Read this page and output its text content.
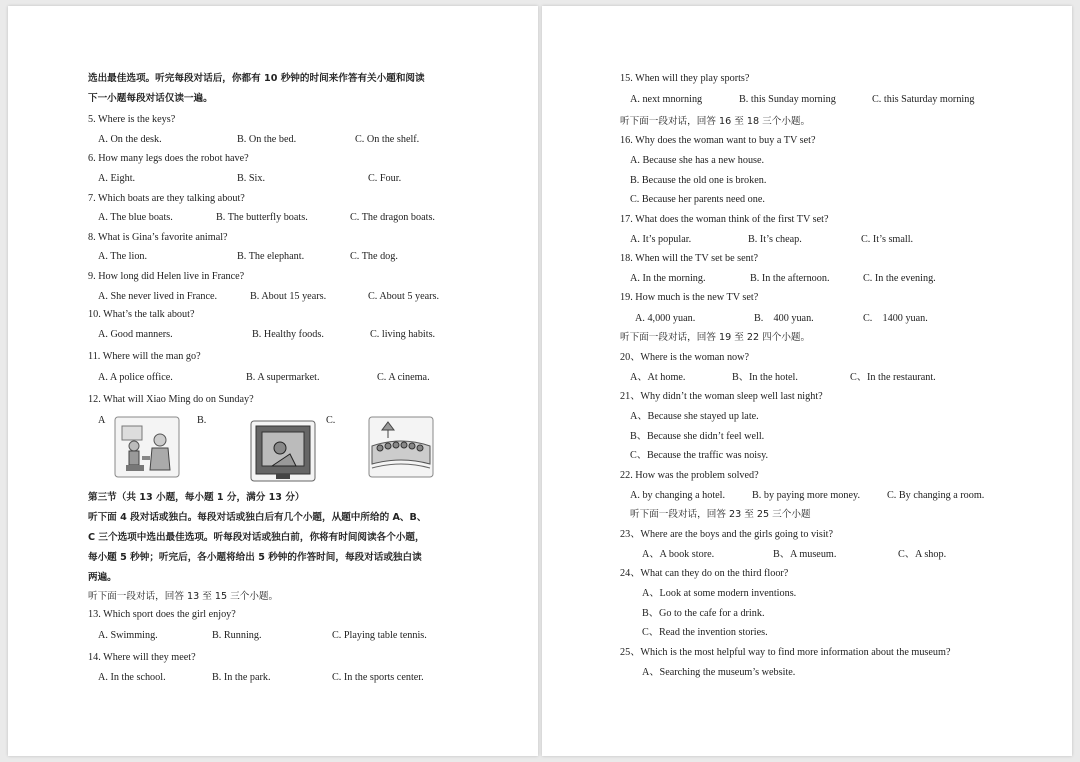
选出最佳选项。听完每段对话后，你都有 10 秒钟的时间来作答有关小题和阅读
下一小题每段对话仅读一遍。
5. Where is the keys?
A. On the desk.	B. On the bed.	C. On the shelf.
6. How many legs does the robot have?
A. Eight.	B. Six.	C. Four.
7. Which boats are they talking about?
A. The blue boats.	B. The butterfly boats.	C. The dragon boats.
8. What is Gina’s favorite animal?
A. The lion.	B. The elephant.	C. The dog.
9. How long did Helen live in France?
A. She never lived in France.	B. About 15 years.	C. About 5 years.
10. What’s the talk about?
A. Good manners.	B. Healthy foods.	C. living habits.
11. Where will the man go?
A. A police office.	B. A supermarket.	C. A cinema.
12. What will Xiao Ming do on Sunday?
A	B.	C.
第三节（共 13 小题，每小题 1 分，满分 13 分）
听下面 4 段对话或独白。每段对话或独白后有几个小题，从题中所给的 A、B、
C 三个选项中选出最佳选项。听每段对话或独白前，你将有时间阅读各个小题，
每小题 5 秒钟；听完后，各小题将给出 5 秒钟的作答时间，每段对话或独白读
两遍。
听下面一段对话，回答 13 至 15 三个小题。
13. Which sport does the girl enjoy?
A. Swimming.	B. Running.	C. Playing table tennis.
14. Where will they meet?
A. In the school.	B. In the park.	C. In the sports center.
15. When will they play sports?
A. next mnorning	B. this Sunday morning	C. this Saturday morning
听下面一段对话，回答 16 至 18 三个小题。
16. Why does the woman want to buy a TV set?
A. Because she has a new house.
B. Because the old one is broken.
C. Because her parents need one.
17. What does the woman think of the first TV set?
A. It’s popular.	B. It’s cheap.	C. It’s small.
18. When will the TV set be sent?
A. In the morning.	B. In the afternoon.	C. In the evening.
19. How much is the new TV set?
A. 4,000 yuan.	B.    400 yuan.	C.    1400 yuan.
听下面一段对话，回答 19 至 22 四个小题。
20、Where is the woman now?
A、At home.	B、In the hotel.	C、In the restaurant.
21、Why didn’t the woman sleep well last night?
A、Because she stayed up late.
B、Because she didn’t feel well.
C、Because the traffic was noisy.
22. How was the problem solved?
A. by changing a hotel.	B. by paying more money.	C. By changing a room.
听下面一段对话，回答 23 至 25 三个小题
23、Where are the boys and the girls going to visit?
A、A book store.	B、A museum.	C、A shop.
24、What can they do on the third floor?
A、Look at some modern inventions.
B、Go to the cafe for a drink.
C、Read the invention stories.
25、Which is the most helpful way to find more information about the museum?
A、Searching the museum’s website.
